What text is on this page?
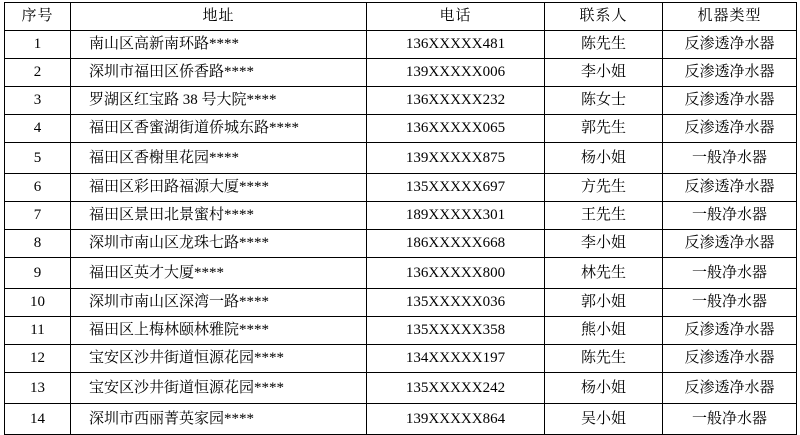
序号	地址	电话	联系人	机器类型
1	南山区高新南环路****	136XXXXX481	陈先生	反渗透净水器
2	深圳市福田区侨香路****	139XXXXX006	李小姐	反渗透净水器
3	罗湖区红宝路 38 号大院****	136XXXXX232	陈女士	反渗透净水器
4	福田区香蜜湖街道侨城东路****	136XXXXX065	郭先生	反渗透净水器
5	福田区香榭里花园****	139XXXXX875	杨小姐	一般净水器
6	福田区彩田路福源大厦****	135XXXXX697	方先生	反渗透净水器
7	福田区景田北景蜜村****	189XXXXX301	王先生	一般净水器
8	深圳市南山区龙珠七路****	186XXXXX668	李小姐	反渗透净水器
9	福田区英才大厦****	136XXXXX800	林先生	一般净水器
10	深圳市南山区深湾一路****	135XXXXX036	郭小姐	一般净水器
11	福田区上梅林颐林雅院****	135XXXXX358	熊小姐	反渗透净水器
12	宝安区沙井街道恒源花园****	134XXXXX197	陈先生	反渗透净水器
13	宝安区沙井街道恒源花园****	135XXXXX242	杨小姐	反渗透净水器
14	深圳市西丽菁英家园****	139XXXXX864	吴小姐	一般净水器
